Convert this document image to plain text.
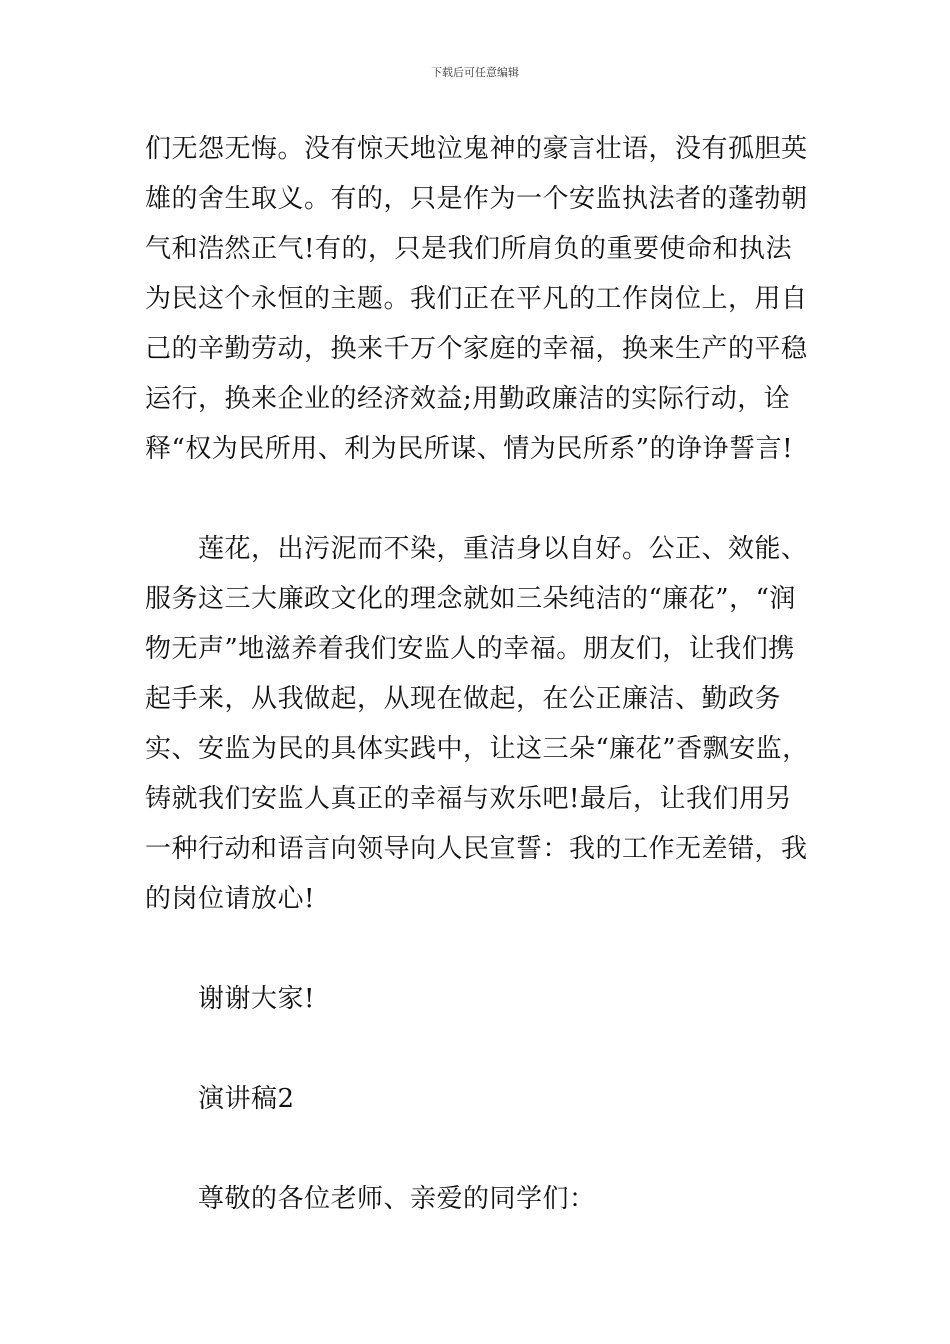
下载后可任意编辑

们无怨无悔。没有惊天地泣鬼神的豪言壮语，没有孤胆英雄的舍生取义。有的，只是作为一个安监执法者的蓬勃朝气和浩然正气!有的，只是我们所肩负的重要使命和执法为民这个永恒的主题。我们正在平凡的工作岗位上，用自己的辛勤劳动，换来千万个家庭的幸福，换来生产的平稳运行，换来企业的经济效益;用勤政廉洁的实际行动，诠释“权为民所用、利为民所谋、情为民所系”的诤诤誓言!

　　莲花，出污泥而不染，重洁身以自好。公正、效能、服务这三大廉政文化的理念就如三朵纯洁的“廉花”，“润物无声”地滋养着我们安监人的幸福。朋友们，让我们携起手来，从我做起，从现在做起，在公正廉洁、勤政务实、安监为民的具体实践中，让这三朵“廉花”香飘安监，铸就我们安监人真正的幸福与欢乐吧!最后，让我们用另一种行动和语言向领导向人民宣誓：我的工作无差错，我的岗位请放心!

　　谢谢大家!

　　演讲稿2

　　尊敬的各位老师、亲爱的同学们：
